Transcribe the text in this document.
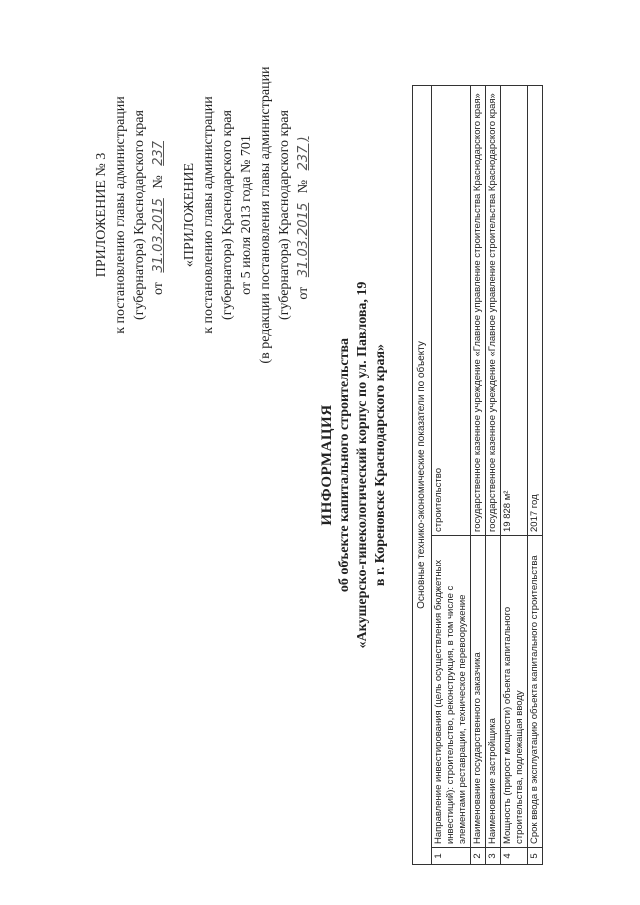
ПРИЛОЖЕНИЕ № 3 к постановлению главы администрации (губернатора) Краснодарского края от 31.03.2015 № 237
«ПРИЛОЖЕНИЕ к постановлению главы администрации (губернатора) Краснодарского края от 5 июля 2013 года № 701 (в редакции постановления главы администрации (губернатора) Краснодарского края от 31.03.2015 № 237 )
ИНФОРМАЦИЯ об объекте капитального строительства «Акушерско-гинекологический корпус по ул. Павлова, 19 в г. Кореновске Краснодарского края»	Основные технико-экономические показатели по объекту		
1	Направление инвестирования (цель осуществления бюджетных инвестиций): строительство, реконструкция, в том числе с элементами реставрации, техническое перевооружение	строительство
2	Наименование государственного заказчика	государственное казенное учреждение «Главное управление строительства Краснодарского края»
3	Наименование застройщика	государственное казенное учреждение «Главное управление строительства Краснодарского края»
4	Мощность (прирост мощности) объекта капитального строительства, подлежащая вводу	19 828 м²
5	Срок ввода в эксплуатацию объекта капитального строительства	2017 год
